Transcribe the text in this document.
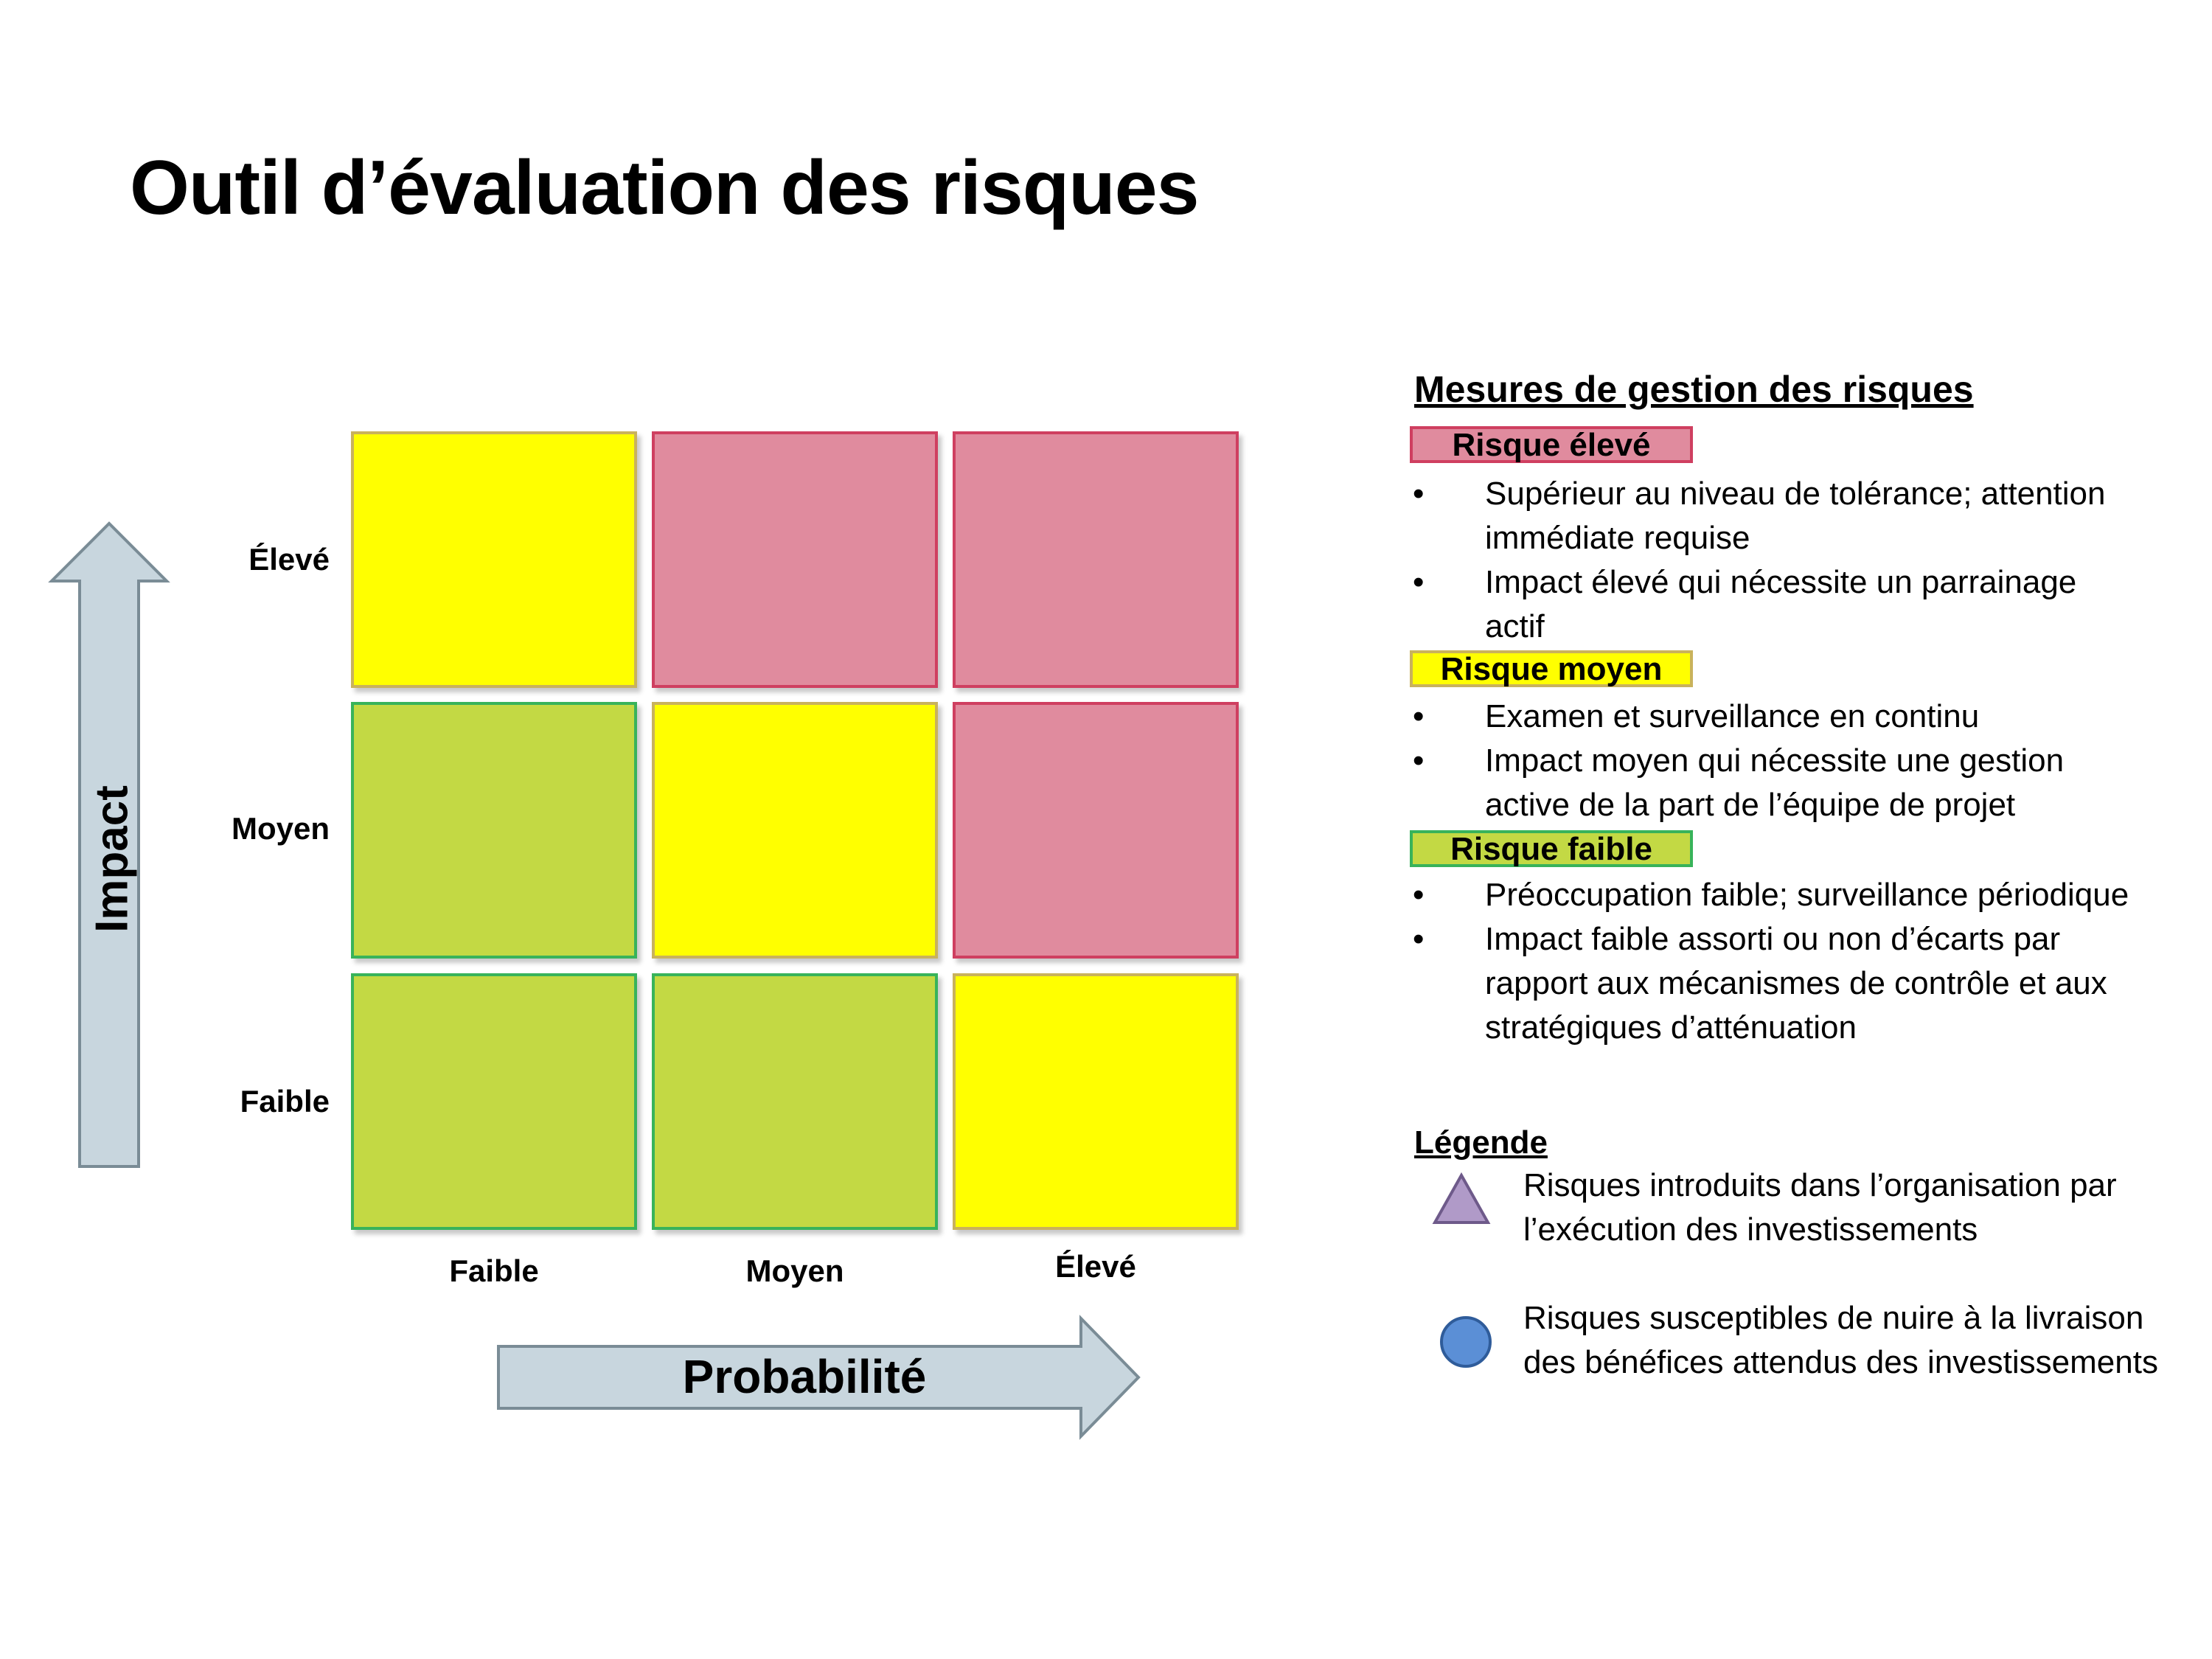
Outil d’évaluation des risques
Impact
Élevé
Moyen
Faible
Faible	Moyen	Élevé
Probabilité
Mesures de gestion des risques
Risque élevé
• Supérieur au niveau de tolérance; attention
immédiate requise
• Impact élevé qui nécessite un parrainage
actif
Risque moyen
• Examen et surveillance en continu
• Impact moyen qui nécessite une gestion
active de la part de l’équipe de projet
Risque faible
• Préoccupation faible; surveillance périodique
• Impact faible assorti ou non d’écarts par
rapport aux mécanismes de contrôle et aux
stratégiques d’atténuation
Légende
Risques introduits dans l’organisation par
l’exécution des investissements
Risques susceptibles de nuire à la livraison
des bénéfices attendus des investissements
